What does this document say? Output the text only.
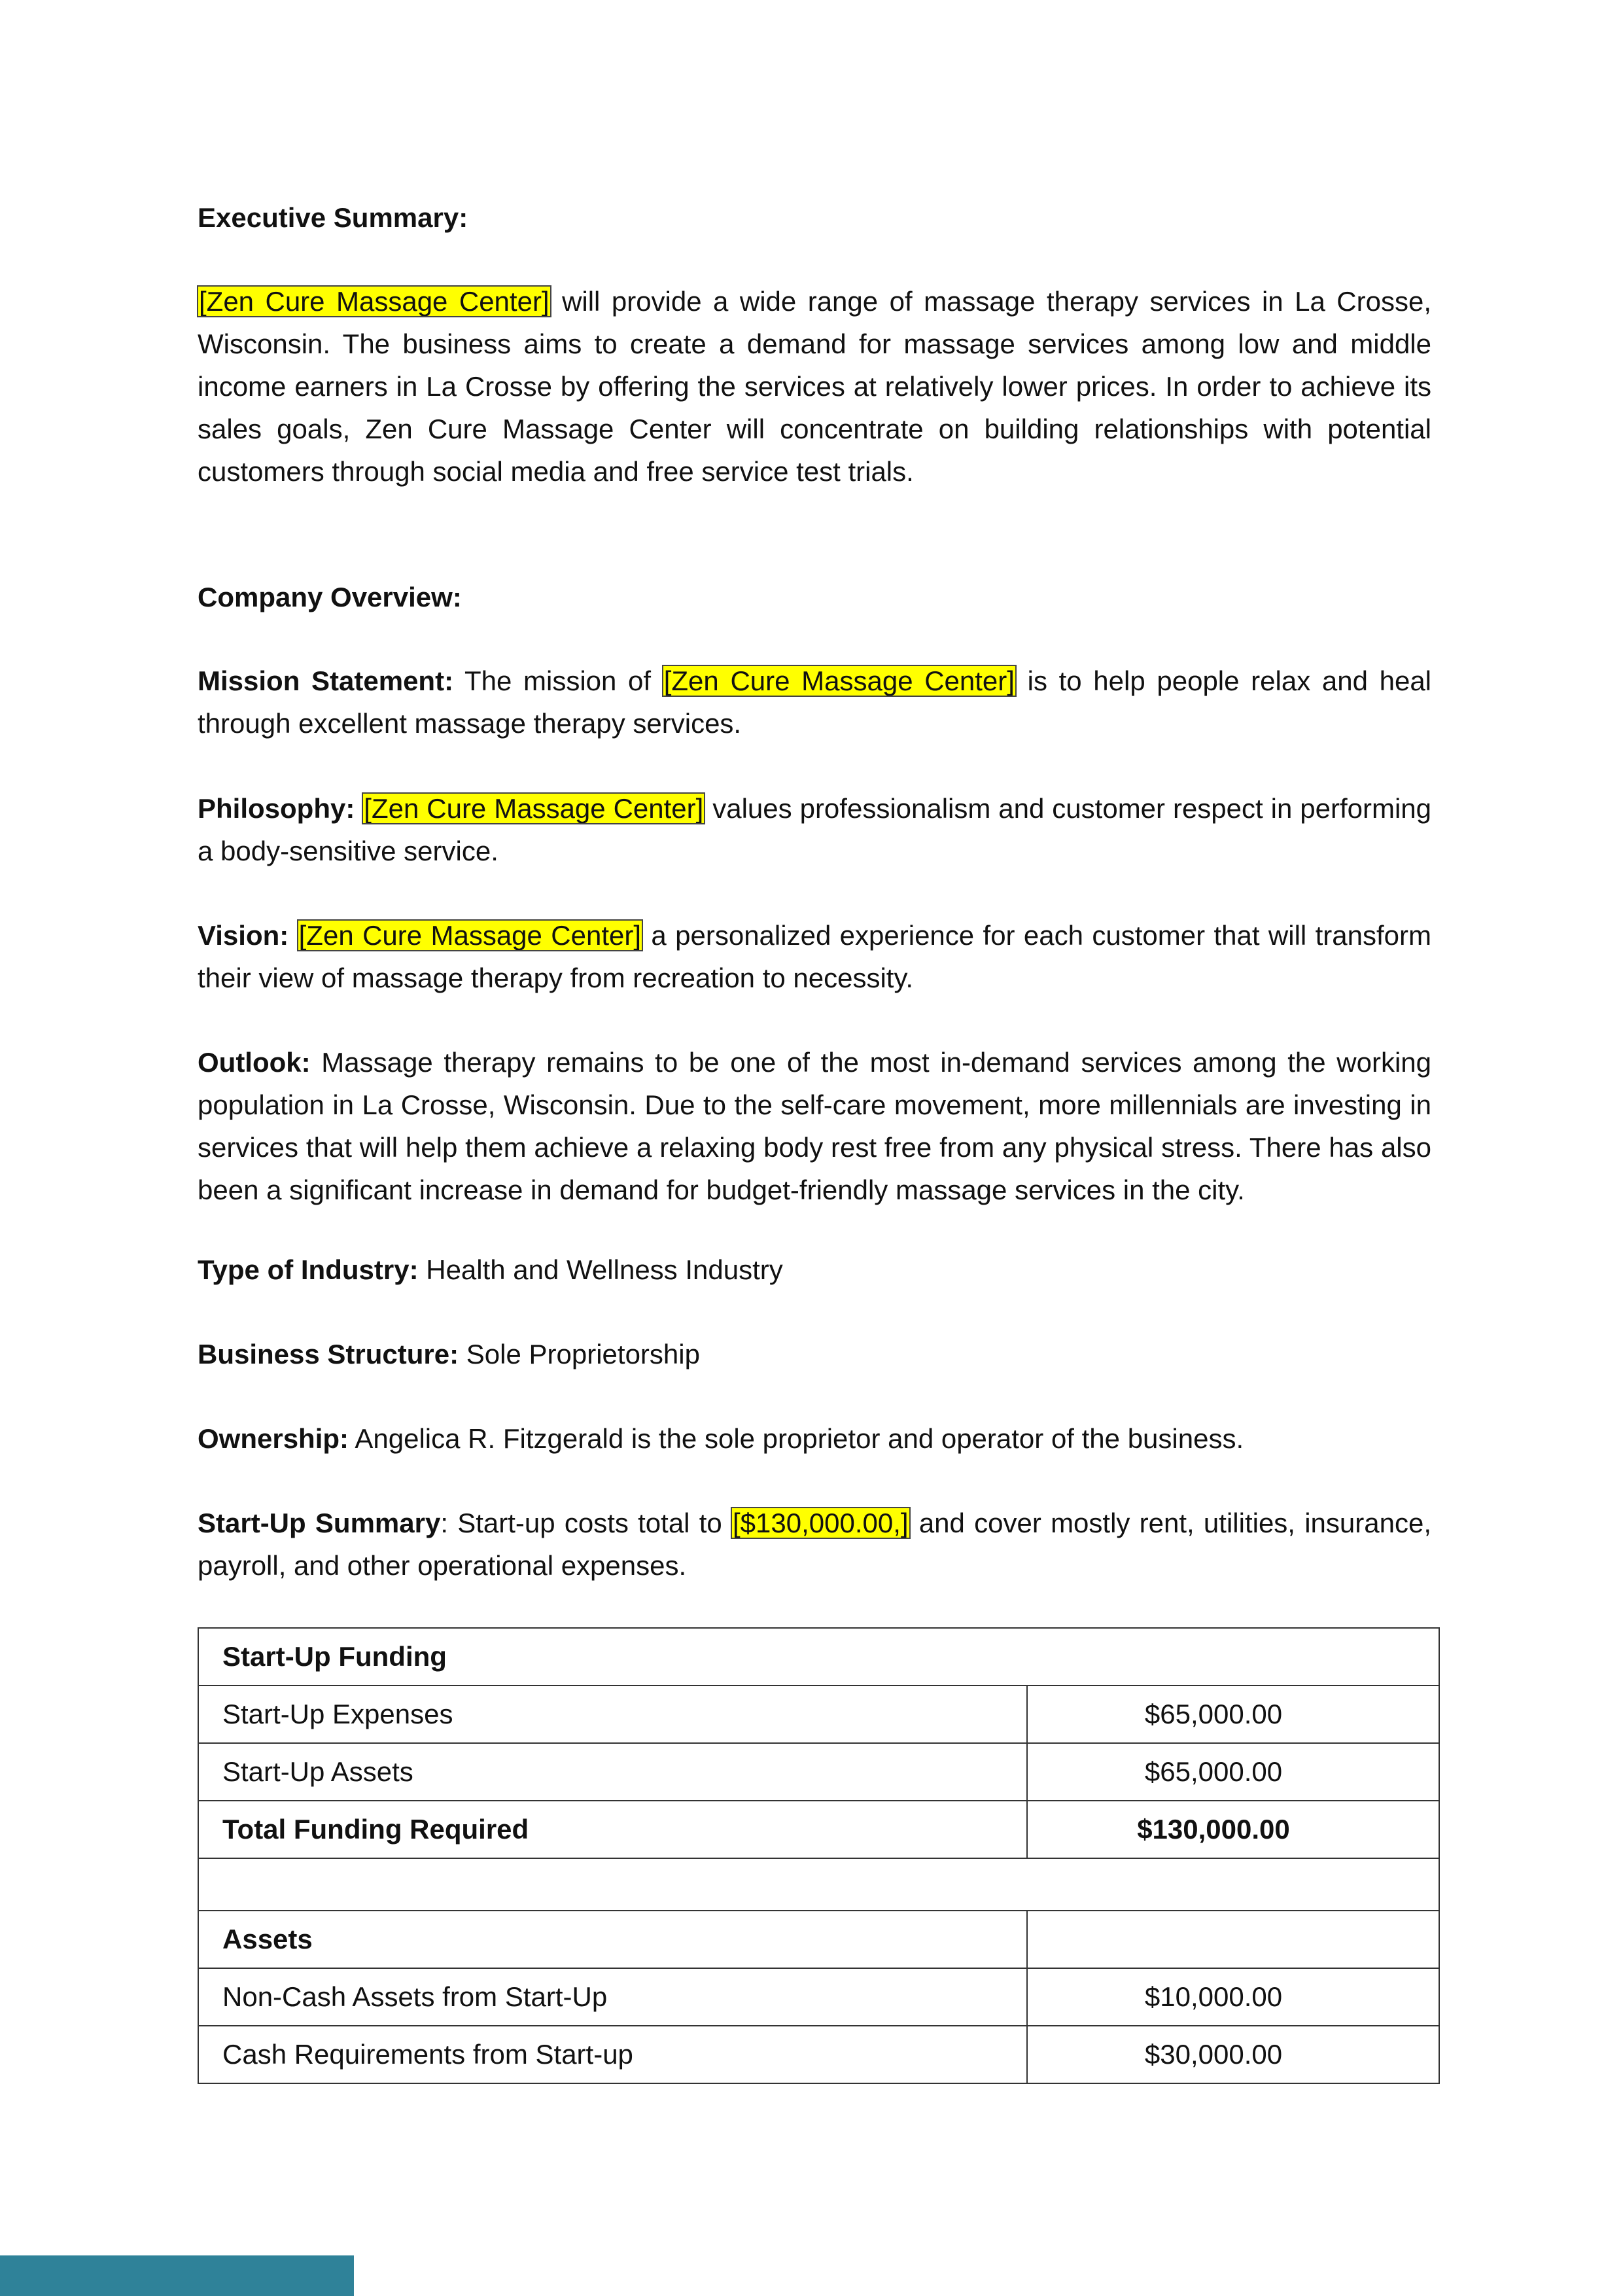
Executive Summary:

[Zen Cure Massage Center] will provide a wide range of massage therapy services in La Crosse, Wisconsin. The business aims to create a demand for massage services among low and middle income earners in La Crosse by offering the services at relatively lower prices. In order to achieve its sales goals, Zen Cure Massage Center will concentrate on building relationships with potential customers through social media and free service test trials.

Company Overview:

Mission Statement: The mission of [Zen Cure Massage Center] is to help people relax and heal through excellent massage therapy services.

Philosophy: [Zen Cure Massage Center] values professionalism and customer respect in performing a body-sensitive service.

Vision: [Zen Cure Massage Center] a personalized experience for each customer that will transform their view of massage therapy from recreation to necessity.

Outlook: Massage therapy remains to be one of the most in-demand services among the working population in La Crosse, Wisconsin. Due to the self-care movement, more millennials are investing in services that will help them achieve a relaxing body rest free from any physical stress. There has also been a significant increase in demand for budget-friendly massage services in the city.

Type of Industry: Health and Wellness Industry

Business Structure: Sole Proprietorship

Ownership: Angelica R. Fitzgerald is the sole proprietor and operator of the business.

Start-Up Summary: Start-up costs total to [$130,000.00,] and cover mostly rent, utilities, insurance, payroll, and other operational expenses.

Start-Up Funding	
Start-Up Expenses	$65,000.00
Start-Up Assets	$65,000.00
Total Funding Required	$130,000.00

Assets	
Non-Cash Assets from Start-Up	$10,000.00
Cash Requirements from Start-up	$30,000.00
